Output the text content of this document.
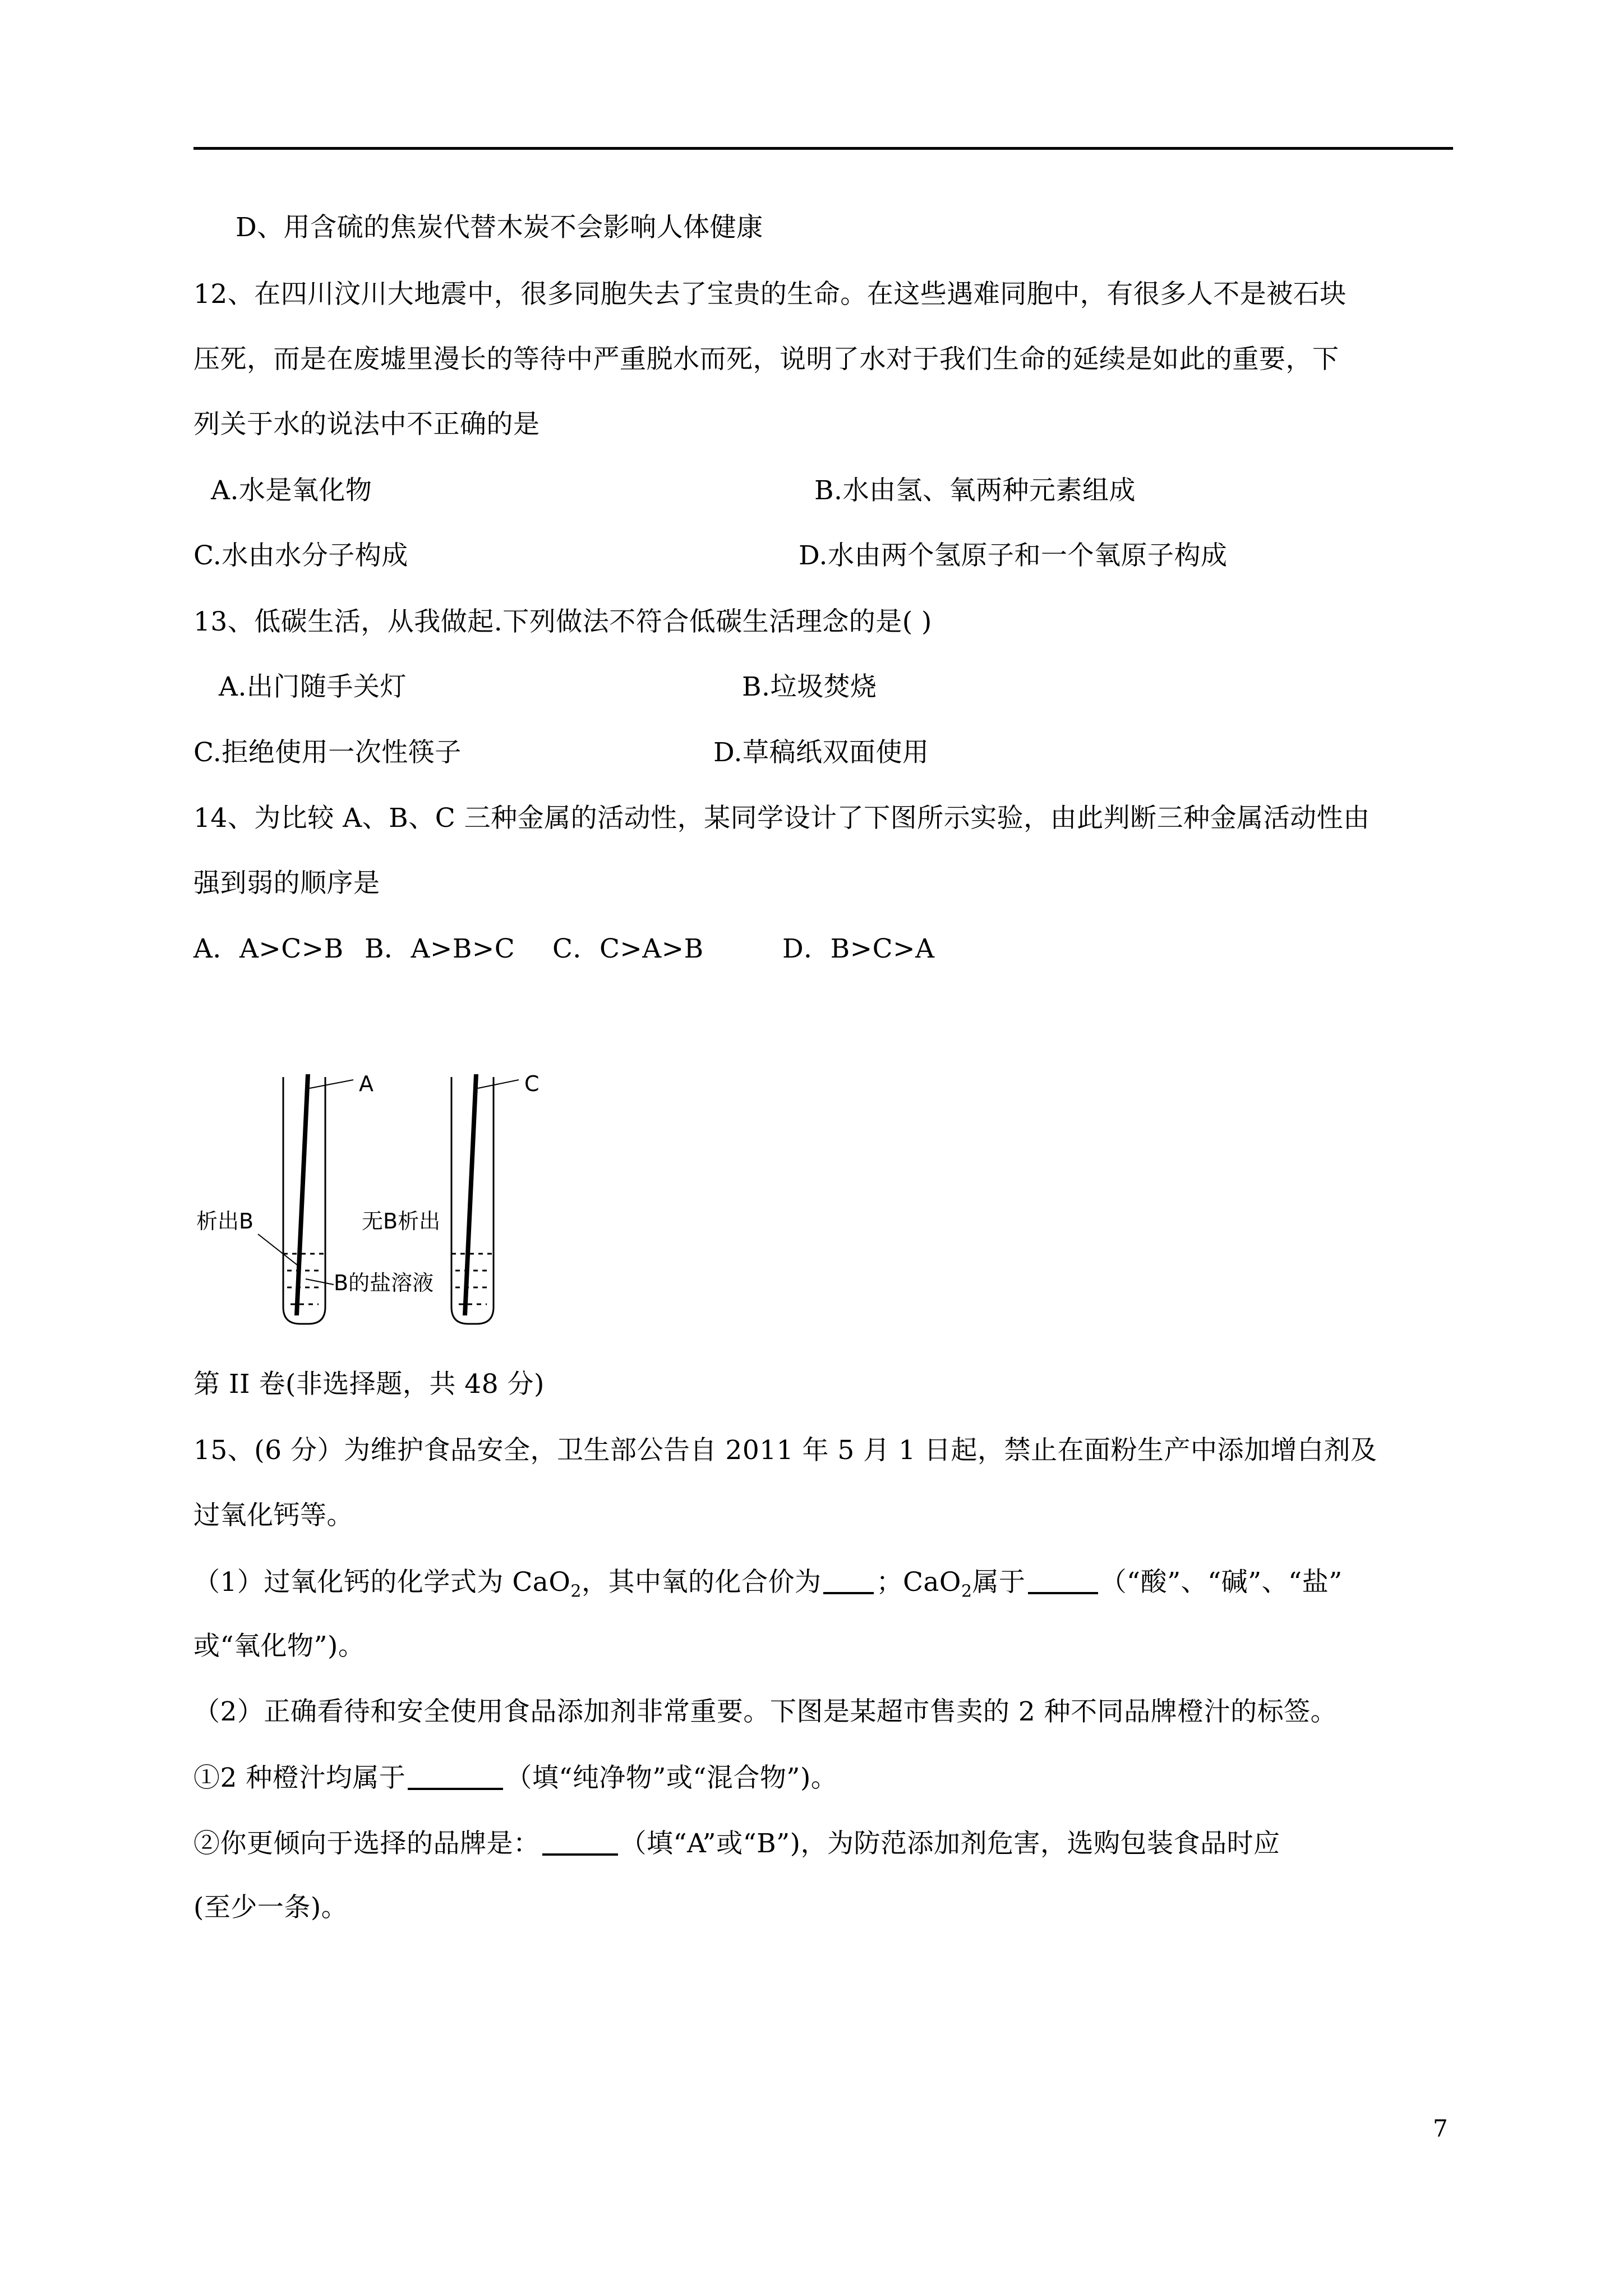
D、用含硫的焦炭代替木炭不会影响人体健康
12、在四川汶川大地震中，很多同胞失去了宝贵的生命。在这些遇难同胞中，有很多人不是被石块
压死，而是在废墟里漫长的等待中严重脱水而死，说明了水对于我们生命的延续是如此的重要，下
列关于水的说法中不正确的是
A.水是氧化物	B.水由氢、氧两种元素组成
C.水由水分子构成	D.水由两个氢原子和一个氧原子构成
13、低碳生活，从我做起.下列做法不符合低碳生活理念的是( )
A.出门随手关灯	B.垃圾焚烧
C.拒绝使用一次性筷子	D.草稿纸双面使用
14、为比较 A、B、C 三种金属的活动性，某同学设计了下图所示实验，由此判断三种金属活动性由
强到弱的顺序是
A．A>C>B B．A>B>C C．C>A>B	D．B>C>A
A
析出B
C
无B析出
B的盐溶液
第 II 卷(非选择题，共 48 分)
15、(6 分）为维护食品安全，卫生部公告自 2011 年 5 月 1 日起，禁止在面粉生产中添加增白剂及
过氧化钙等。
（1）过氧化钙的化学式为 CaO$_2$，其中氧的化合价为 ；CaO$_2$属于	（“酸”、“碱”、“盐”
或“氧化物”)。
（2）正确看待和安全使用食品添加剂非常重要。下图是某超市售卖的 2 种不同品牌橙汁的标签。
①2 种橙汁均属于	（填“纯净物”或“混合物”)。
②你更倾向于选择的品牌是：	（填“A”或“B”)，为防范添加剂危害，选购包装食品时应
(至少一条)。
7
